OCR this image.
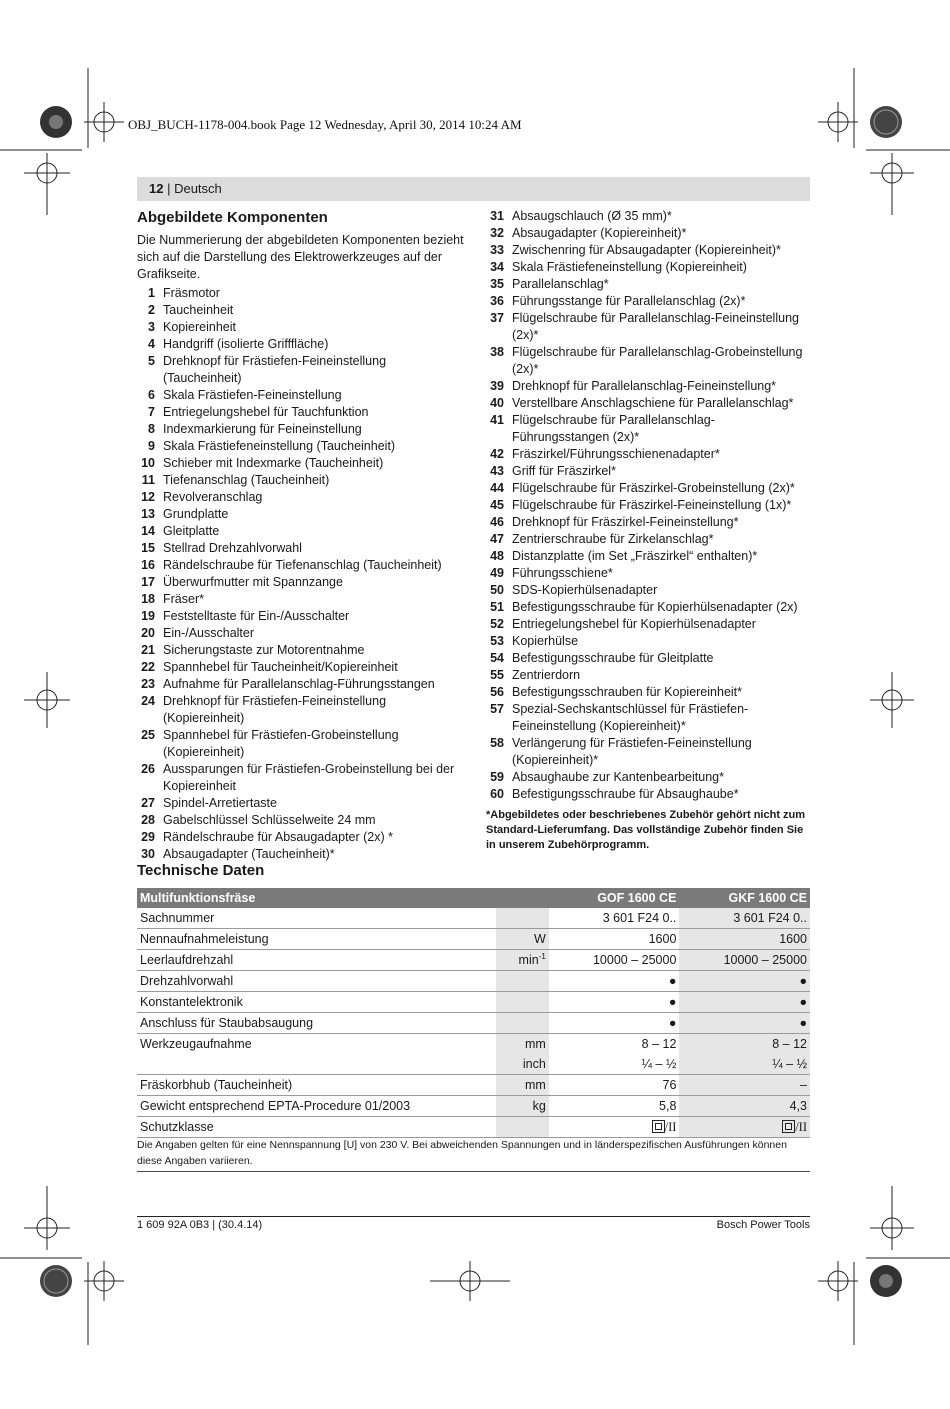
OBJ_BUCH-1178-004.book Page 12 Wednesday, April 30, 2014 10:24 AM
12 | Deutsch
Abgebildete Komponenten
Die Nummerierung der abgebildeten Komponenten bezieht sich auf die Darstellung des Elektrowerkzeuges auf der Grafikseite.
1 Fräsmotor
2 Taucheinheit
3 Kopiereinheit
4 Handgriff (isolierte Grifffläche)
5 Drehknopf für Frästiefen-Feineinstellung (Taucheinheit)
6 Skala Frästiefen-Feineinstellung
7 Entriegelungshebel für Tauchfunktion
8 Indexmarkierung für Feineinstellung
9 Skala Frästiefeneinstellung (Taucheinheit)
10 Schieber mit Indexmarke (Taucheinheit)
11 Tiefenanschlag (Taucheinheit)
12 Revolveranschlag
13 Grundplatte
14 Gleitplatte
15 Stellrad Drehzahlvorwahl
16 Rändelschraube für Tiefenanschlag (Taucheinheit)
17 Überwurfmutter mit Spannzange
18 Fräser*
19 Feststelltaste für Ein-/Ausschalter
20 Ein-/Ausschalter
21 Sicherungstaste zur Motorentnahme
22 Spannhebel für Taucheinheit/Kopiereinheit
23 Aufnahme für Parallelanschlag-Führungsstangen
24 Drehknopf für Frästiefen-Feineinstellung (Kopiereinheit)
25 Spannhebel für Frästiefen-Grobeinstellung (Kopiereinheit)
26 Aussparungen für Frästiefen-Grobeinstellung bei der Kopiereinheit
27 Spindel-Arretiertaste
28 Gabelschlüssel Schlüsselweite 24 mm
29 Rändelschraube für Absaugadapter (2x) *
30 Absaugadapter (Taucheinheit)*
31 Absaugschlauch (Ø 35 mm)*
32 Absaugadapter (Kopiereinheit)*
33 Zwischenring für Absaugadapter (Kopiereinheit)*
34 Skala Frästiefeneinstellung (Kopiereinheit)
35 Parallelanschlag*
36 Führungsstange für Parallelanschlag (2x)*
37 Flügelschraube für Parallelanschlag-Feineinstellung (2x)*
38 Flügelschraube für Parallelanschlag-Grobeinstellung (2x)*
39 Drehknopf für Parallelanschlag-Feineinstellung*
40 Verstellbare Anschlagschiene für Parallelanschlag*
41 Flügelschraube für Parallelanschlag-Führungsstangen (2x)*
42 Fräszirkel/Führungsschienenadapter*
43 Griff für Fräszirkel*
44 Flügelschraube für Fräszirkel-Grobeinstellung (2x)*
45 Flügelschraube für Fräszirkel-Feineinstellung (1x)*
46 Drehknopf für Fräszirkel-Feineinstellung*
47 Zentrierschraube für Zirkelanschlag*
48 Distanzplatte (im Set „Fräszirkel“ enthalten)*
49 Führungsschiene*
50 SDS-Kopierhülsenadapter
51 Befestigungsschraube für Kopierhülsenadapter (2x)
52 Entriegelungshebel für Kopierhülsenadapter
53 Kopierhülse
54 Befestigungsschraube für Gleitplatte
55 Zentrierdorn
56 Befestigungsschrauben für Kopiereinheit*
57 Spezial-Sechskantschlüssel für Frästiefen-Feineinstellung (Kopiereinheit)*
58 Verlängerung für Frästiefen-Feineinstellung (Kopiereinheit)*
59 Absaughaube zur Kantenbearbeitung*
60 Befestigungsschraube für Absaughaube*
*Abgebildetes oder beschriebenes Zubehör gehört nicht zum Standard-Lieferumfang. Das vollständige Zubehör finden Sie in unserem Zubehörprogramm.
Technische Daten
Multifunktionsfräse		GOF 1600 CE	GKF 1600 CE
Sachnummer		3 601 F24 0..	3 601 F24 0..
Nennaufnahmeleistung	W	1600	1600
Leerlaufdrehzahl	$\min^{-1}$	10000 – 25000	10000 – 25000
Drehzahlvorwahl		●	●
Konstantelektronik		●	●
Anschluss für Staubabsaugung		●	●
Werkzeugaufnahme	mm	8 – 12	8 – 12
	inch	¼ – ½	¼ – ½
Fräskorbhub (Taucheinheit)	mm	76	–
Gewicht entsprechend EPTA-Procedure 01/2003	kg	5,8	4,3
Schutzklasse		/II	/II
Die Angaben gelten für eine Nennspannung [U] von 230 V. Bei abweichenden Spannungen und in länderspezifischen Ausführungen können diese Angaben variieren.
1 609 92A 0B3 | (30.4.14)	Bosch Power Tools
